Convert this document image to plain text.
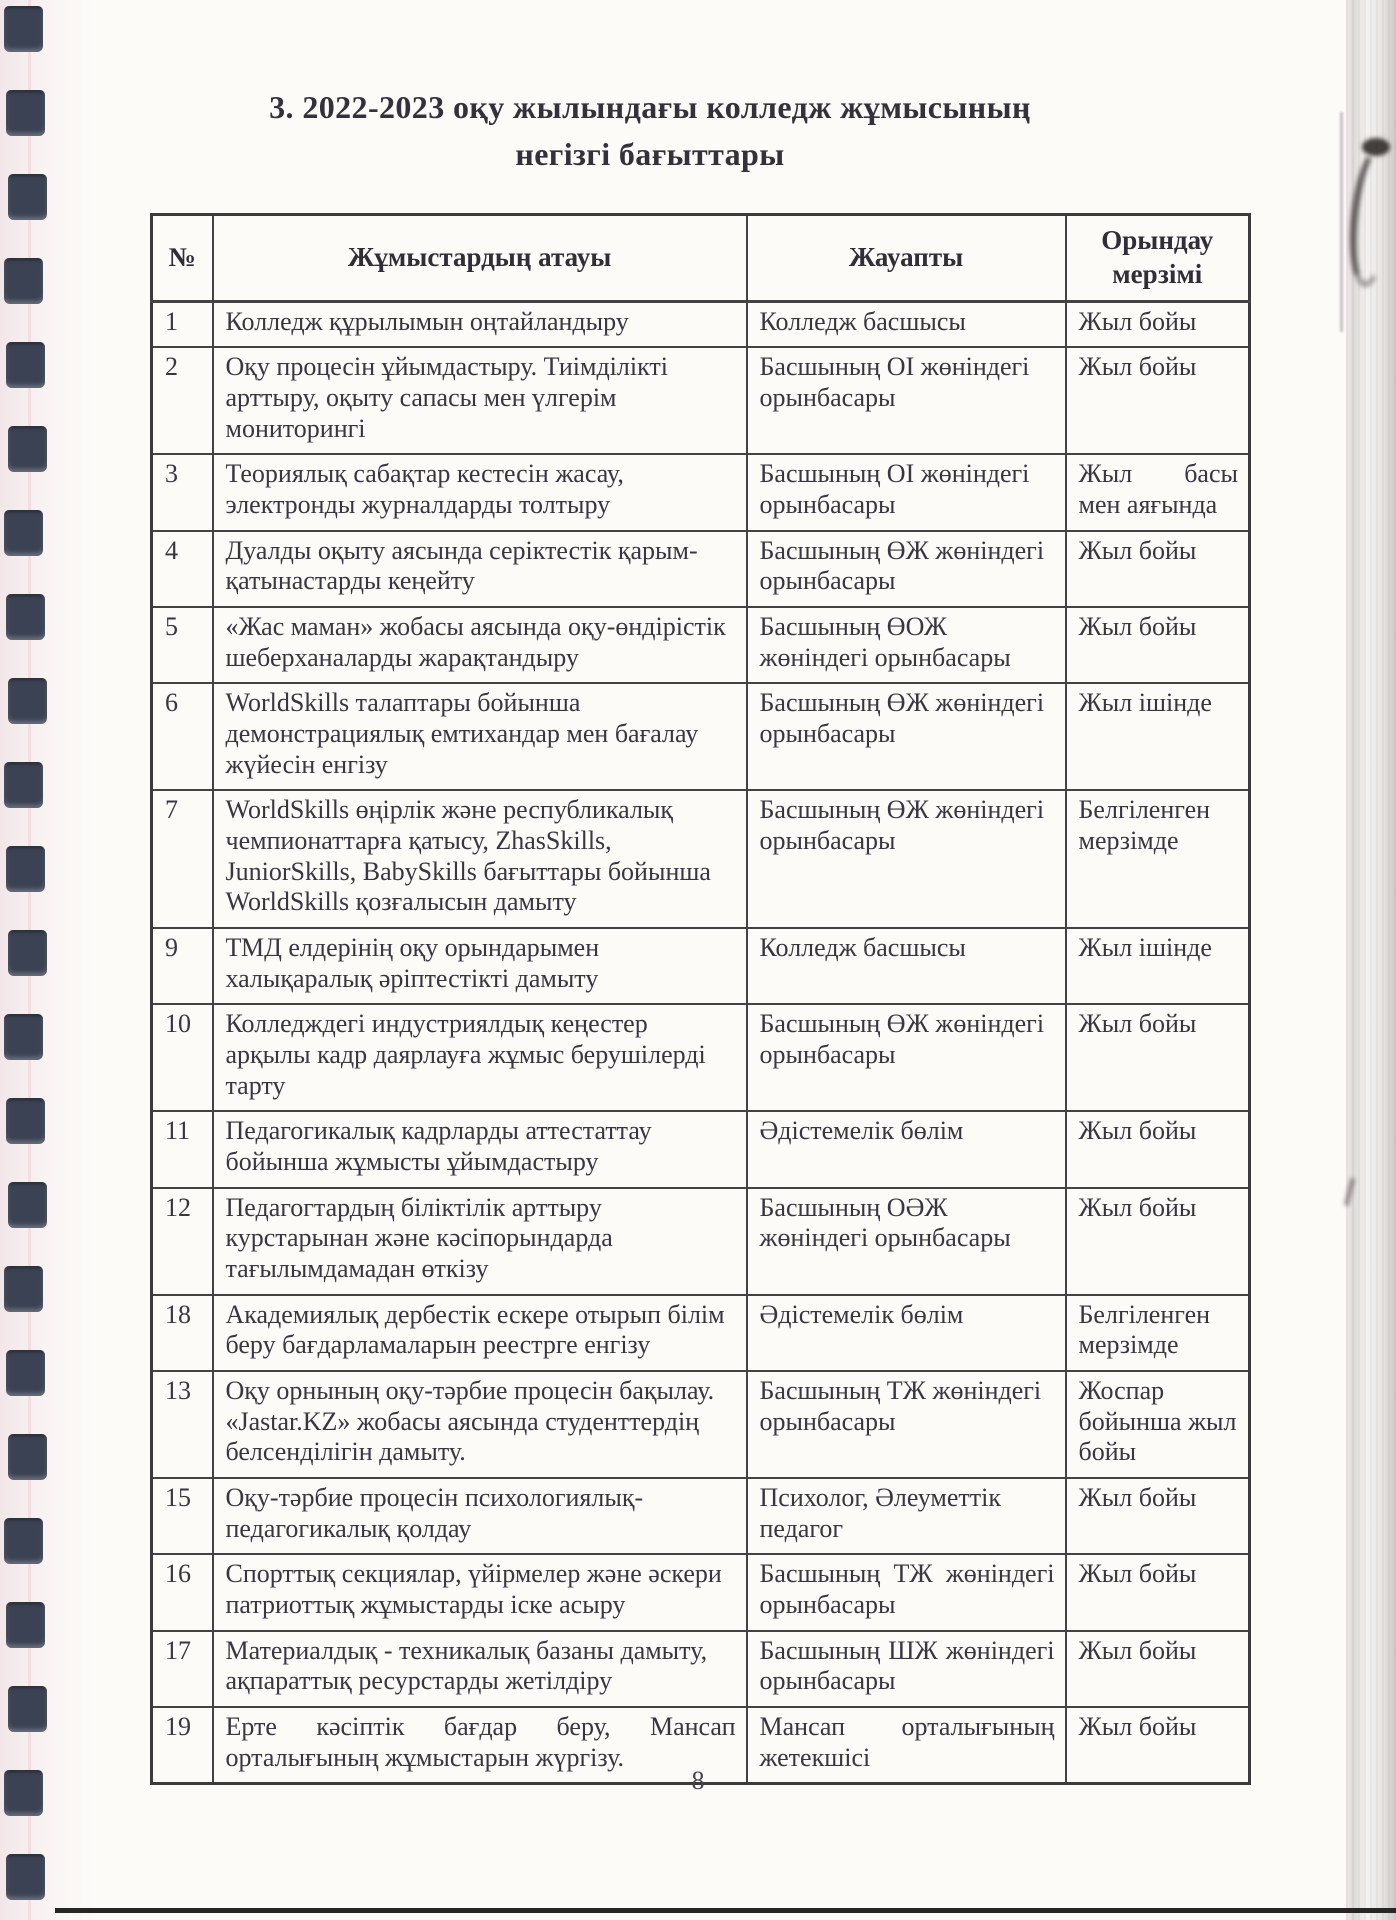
3. 2022-2023 оқу жылындағы колледж жұмысының
негізгі бағыттары
№	Жұмыстардың атауы	Жауапты	Орындау мерзімі
1	Колледж құрылымын оңтайландыру	Колледж басшысы	Жыл бойы
2	Оқу процесін ұйымдастыру. Тиімділікті арттыру, оқыту сапасы мен үлгерім мониторингі	Басшының ОІ жөніндегі орынбасары	Жыл бойы
3	Теориялық сабақтар кестесін жасау, электронды журналдарды толтыру	Басшының ОІ жөніндегі орынбасары	Жыл басы мен аяғында
4	Дуалды оқыту аясында серіктестік қарым-қатынастарды кеңейту	Басшының ӨЖ жөніндегі орынбасары	Жыл бойы
5	«Жас маман» жобасы аясында оқу-өндірістік шеберханаларды жарақтандыру	Басшының ӨОЖ жөніндегі орынбасары	Жыл бойы
6	WorldSkills талаптары бойынша демонстрациялық емтихандар мен бағалау жүйесін енгізу	Басшының ӨЖ жөніндегі орынбасары	Жыл ішінде
7	WorldSkills өңірлік және республикалық чемпионаттарға қатысу, ZhasSkills, JuniorSkills, BabySkills бағыттары бойынша WorldSkills қозғалысын дамыту	Басшының ӨЖ жөніндегі орынбасары	Белгіленген мерзімде
9	ТМД елдерінің оқу орындарымен халықаралық әріптестікті дамыту	Колледж басшысы	Жыл ішінде
10	Колледждегі индустриялдық кеңестер арқылы кадр даярлауға жұмыс берушілерді тарту	Басшының ӨЖ жөніндегі орынбасары	Жыл бойы
11	Педагогикалық кадрларды аттестаттау бойынша жұмысты ұйымдастыру	Әдістемелік бөлім	Жыл бойы
12	Педагогтардың біліктілік арттыру курстарынан және кәсіпорындарда тағылымдамадан өткізу	Басшының ОӘЖ жөніндегі орынбасары	Жыл бойы
18	Академиялық дербестік ескере отырып білім беру бағдарламаларын реестрге енгізу	Әдістемелік бөлім	Белгіленген мерзімде
13	Оқу орнының оқу-тәрбие процесін бақылау. «Jastar.KZ» жобасы аясында студенттердің белсенділігін дамыту.	Басшының ТЖ жөніндегі орынбасары	Жоспар бойынша жыл бойы
15	Оқу-тәрбие процесін психологиялық-педагогикалық қолдау	Психолог, Әлеуметтік педагог	Жыл бойы
16	Спорттық секциялар, үйірмелер және әскери патриоттық жұмыстарды іске асыру	Басшының ТЖ жөніндегі орынбасары	Жыл бойы
17	Материалдық - техникалық базаны дамыту, ақпараттық ресурстарды жетілдіру	Басшының ШЖ жөніндегі орынбасары	Жыл бойы
19	Ерте кәсіптік бағдар беру, Мансап орталығының жұмыстарын жүргізу.	Мансап орталығының жетекшісі	Жыл бойы
8
